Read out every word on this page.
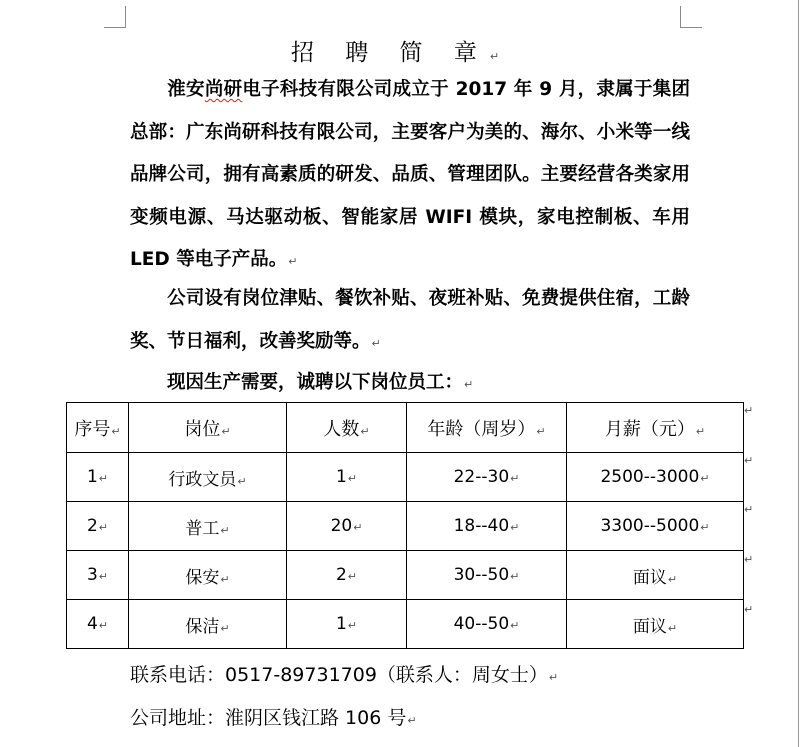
招 聘 简 章↵

淮安尚研电子科技有限公司成立于 2017 年 9 月，隶属于集团总部：广东尚研科技有限公司，主要客户为美的、海尔、小米等一线品牌公司，拥有高素质的研发、品质、管理团队。主要经营各类家用变频电源、马达驱动板、智能家居 WIFI 模块，家电控制板、车用 LED 等电子产品。↵

公司设有岗位津贴、餐饮补贴、夜班补贴、免费提供住宿，工龄奖、节日福利，改善奖励等。↵

现因生产需要，诚聘以下岗位员工：↵

序号↵	岗位↵	人数↵	年龄（周岁）↵	月薪（元）↵
1↵	行政文员↵	1↵	22--30↵	2500--3000↵
2↵	普工↵	20↵	18--40↵	3300--5000↵
3↵	保安↵	2↵	30--50↵	面议↵
4↵	保洁↵	1↵	40--50↵	面议↵
↵
↵
↵
↵
↵
联系电话：0517-89731709（联系人：周女士）↵
公司地址：淮阴区钱江路 106 号↵
